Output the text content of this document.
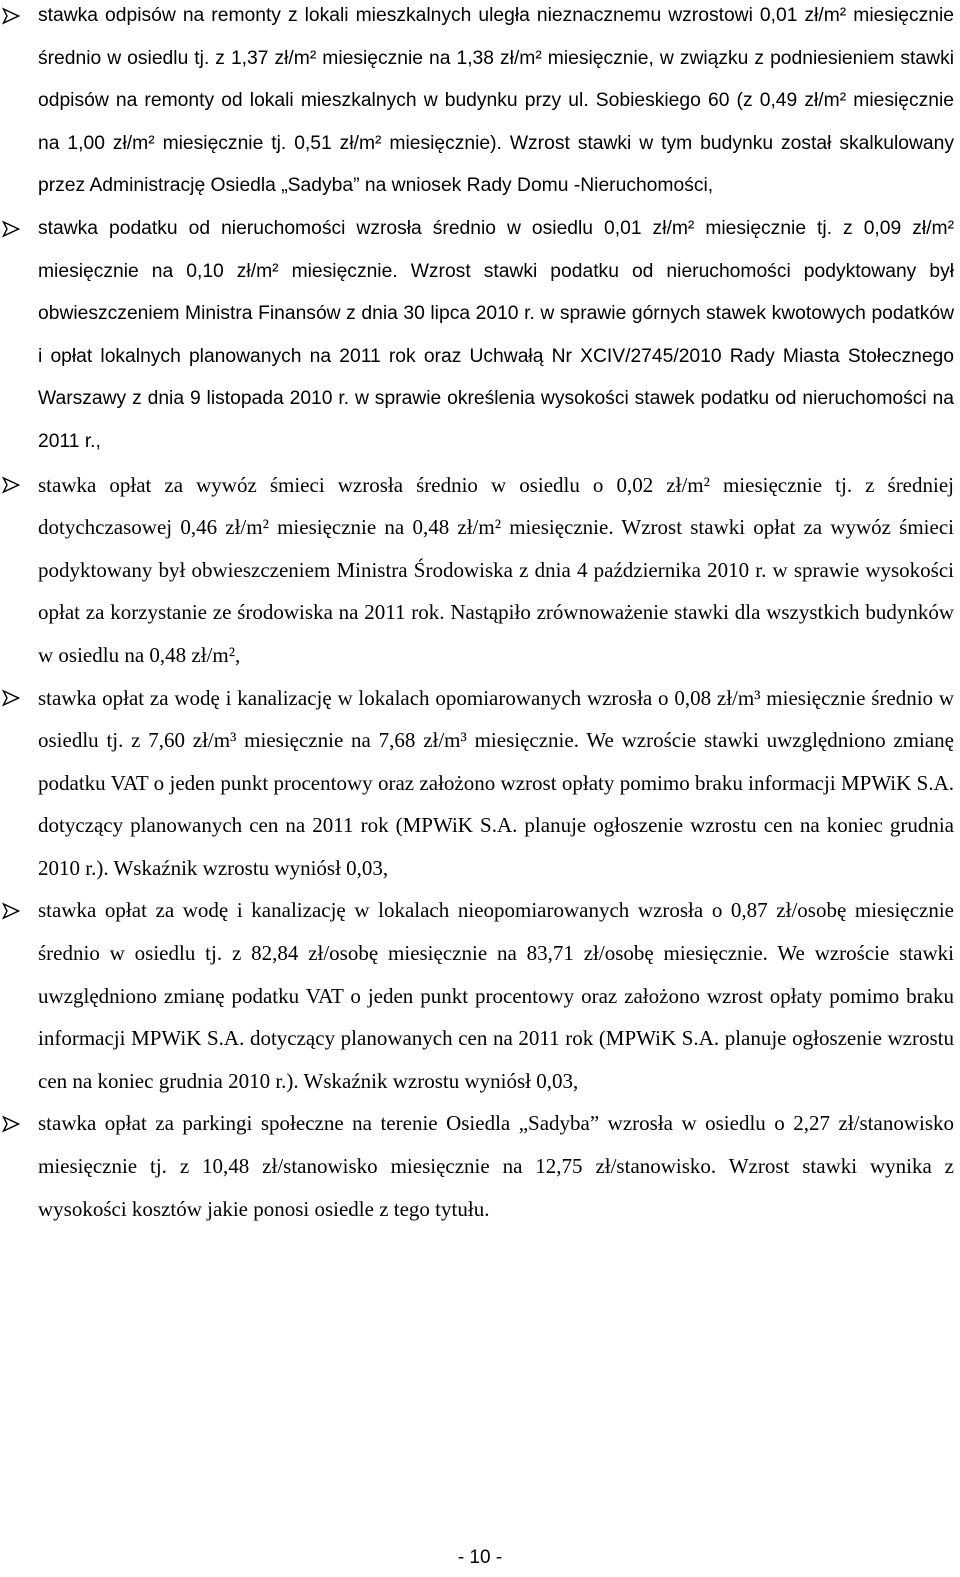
stawka odpisów na remonty z lokali mieszkalnych uległa nieznacznemu wzrostowi 0,01 zł/m² miesięcznie średnio w osiedlu tj. z 1,37 zł/m² miesięcznie na 1,38 zł/m² miesięcznie, w związku z podniesieniem stawki odpisów na remonty od lokali mieszkalnych w budynku przy ul. Sobieskiego 60 (z 0,49 zł/m² miesięcznie na 1,00 zł/m² miesięcznie tj. 0,51 zł/m² miesięcznie). Wzrost stawki w tym budynku został skalkulowany przez Administrację Osiedla „Sadyba” na wniosek Rady Domu -Nieruchomości,
stawka podatku od nieruchomości wzrosła średnio w osiedlu 0,01 zł/m² miesięcznie tj. z 0,09 zł/m² miesięcznie na 0,10 zł/m² miesięcznie. Wzrost stawki podatku od nieruchomości podyktowany był obwieszczeniem Ministra Finansów z dnia 30 lipca 2010 r. w sprawie górnych stawek kwotowych podatków i opłat lokalnych planowanych na 2011 rok oraz Uchwałą Nr XCIV/2745/2010 Rady Miasta Stołecznego Warszawy z dnia 9 listopada 2010 r. w sprawie określenia wysokości stawek podatku od nieruchomości na 2011 r.,
stawka opłat za wywóz śmieci wzrosła średnio w osiedlu o 0,02 zł/m² miesięcznie tj. z średniej dotychczasowej 0,46 zł/m² miesięcznie na 0,48 zł/m² miesięcznie. Wzrost stawki opłat za wywóz śmieci podyktowany był obwieszczeniem Ministra Środowiska z dnia 4 października 2010 r. w sprawie wysokości opłat za korzystanie ze środowiska na 2011 rok. Nastąpiło zrównoważenie stawki dla wszystkich budynków w osiedlu na 0,48 zł/m²,
stawka opłat za wodę i kanalizację w lokalach opomiarowanych wzrosła o 0,08 zł/m³ miesięcznie średnio w osiedlu tj. z 7,60 zł/m³ miesięcznie na 7,68 zł/m³ miesięcznie. We wzroście stawki uwzględniono zmianę podatku VAT o jeden punkt procentowy oraz założono wzrost opłaty pomimo braku informacji MPWiK S.A. dotyczący planowanych cen na 2011 rok (MPWiK S.A. planuje ogłoszenie wzrostu cen na koniec grudnia 2010 r.). Wskaźnik wzrostu wyniósł 0,03,
stawka opłat za wodę i kanalizację w lokalach nieopomiarowanych wzrosła o 0,87 zł/osobę miesięcznie średnio w osiedlu tj. z 82,84 zł/osobę miesięcznie na 83,71 zł/osobę miesięcznie. We wzroście stawki uwzględniono zmianę podatku VAT o jeden punkt procentowy oraz założono wzrost opłaty pomimo braku informacji MPWiK S.A. dotyczący planowanych cen na 2011 rok (MPWiK S.A. planuje ogłoszenie wzrostu cen na koniec grudnia 2010 r.). Wskaźnik wzrostu wyniósł 0,03,
stawka opłat za parkingi społeczne na terenie Osiedla „Sadyba” wzrosła w osiedlu o 2,27 zł/stanowisko miesięcznie tj. z 10,48 zł/stanowisko miesięcznie na 12,75 zł/stanowisko. Wzrost stawki wynika z wysokości kosztów jakie ponosi osiedle z tego tytułu.
- 10 -
